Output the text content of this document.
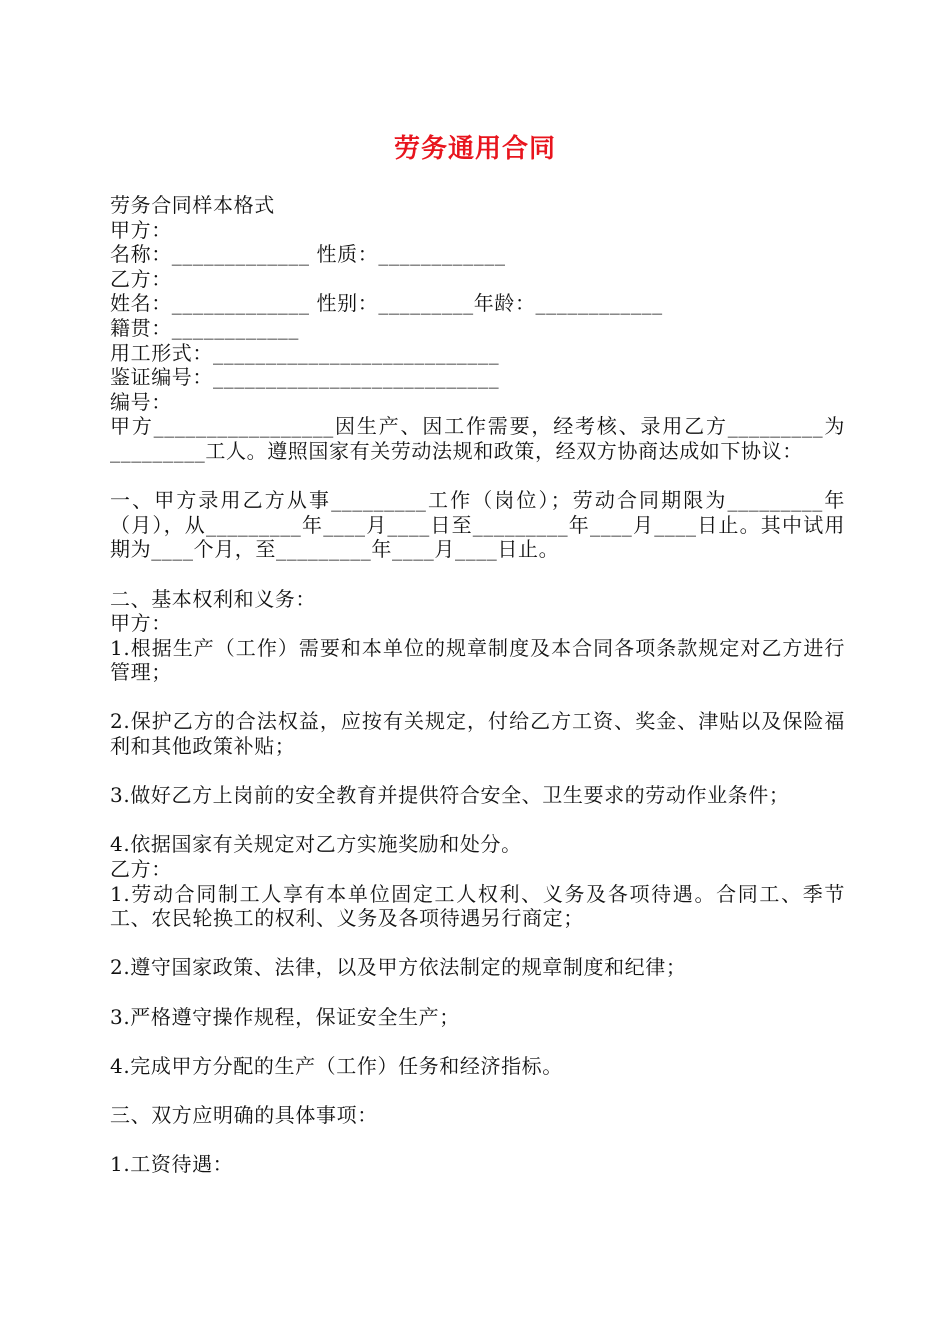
劳务通用合同
劳务合同样本格式
甲方：
名称：_____________ 性质：____________
乙方：
姓名：_____________ 性别：_________年龄：____________
籍贯：____________
用工形式：___________________________
鉴证编号：___________________________
编号：
甲方_________________因生产、因工作需要，经考核、录用乙方_________为_________工人。遵照国家有关劳动法规和政策，经双方协商达成如下协议：
一、甲方录用乙方从事_________工作（岗位）；劳动合同期限为_________年（月），从_________年____月____日至_________年____月____日止。其中试用期为____个月，至_________年____月____日止。
二、基本权利和义务：
甲方：
1.根据生产（工作）需要和本单位的规章制度及本合同各项条款规定对乙方进行管理；
2.保护乙方的合法权益，应按有关规定，付给乙方工资、奖金、津贴以及保险福利和其他政策补贴；
3.做好乙方上岗前的安全教育并提供符合安全、卫生要求的劳动作业条件；
4.依据国家有关规定对乙方实施奖励和处分。
乙方：
1.劳动合同制工人享有本单位固定工人权利、义务及各项待遇。合同工、季节工、农民轮换工的权利、义务及各项待遇另行商定；
2.遵守国家政策、法律，以及甲方依法制定的规章制度和纪律；
3.严格遵守操作规程，保证安全生产；
4.完成甲方分配的生产（工作）任务和经济指标。
三、双方应明确的具体事项：
1.工资待遇：
